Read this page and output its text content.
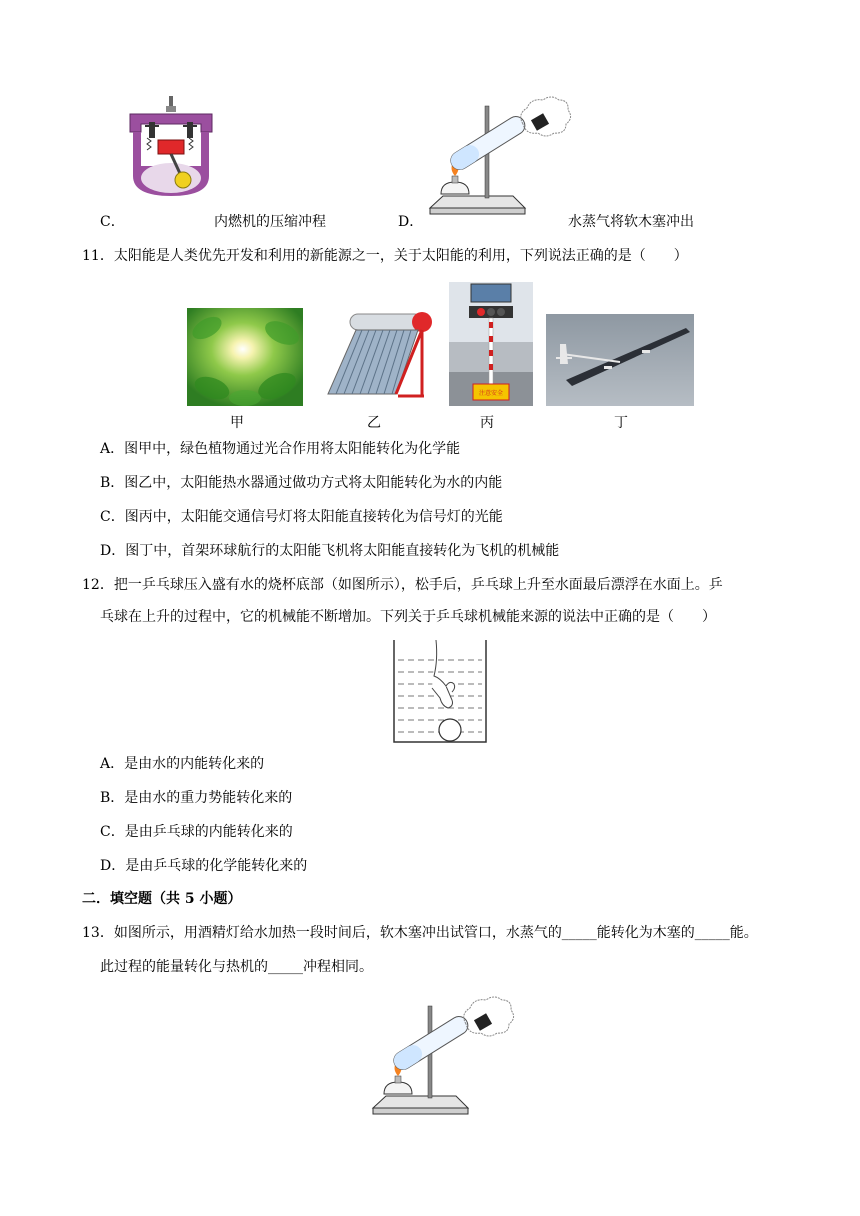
C．	内燃机的压缩冲程	D．	水蒸气将软木塞冲出
11．太阳能是人类优先开发和利用的新能源之一，关于太阳能的利用，下列说法正确的是（　　）
注意安全
甲	乙	丙	丁
A．图甲中，绿色植物通过光合作用将太阳能转化为化学能
B．图乙中，太阳能热水器通过做功方式将太阳能转化为水的内能
C．图丙中，太阳能交通信号灯将太阳能直接转化为信号灯的光能
D．图丁中，首架环球航行的太阳能飞机将太阳能直接转化为飞机的机械能
12．把一乒乓球压入盛有水的烧杯底部（如图所示），松手后，乒乓球上升至水面最后漂浮在水面上。乒
乓球在上升的过程中，它的机械能不断增加。下列关于乒乓球机械能来源的说法中正确的是（　　）
A．是由水的内能转化来的
B．是由水的重力势能转化来的
C．是由乒乓球的内能转化来的
D．是由乒乓球的化学能转化来的
二．填空题（共 5 小题）
13．如图所示，用酒精灯给水加热一段时间后，软木塞冲出试管口，水蒸气的_____能转化为木塞的_____能。
此过程的能量转化与热机的_____冲程相同。
